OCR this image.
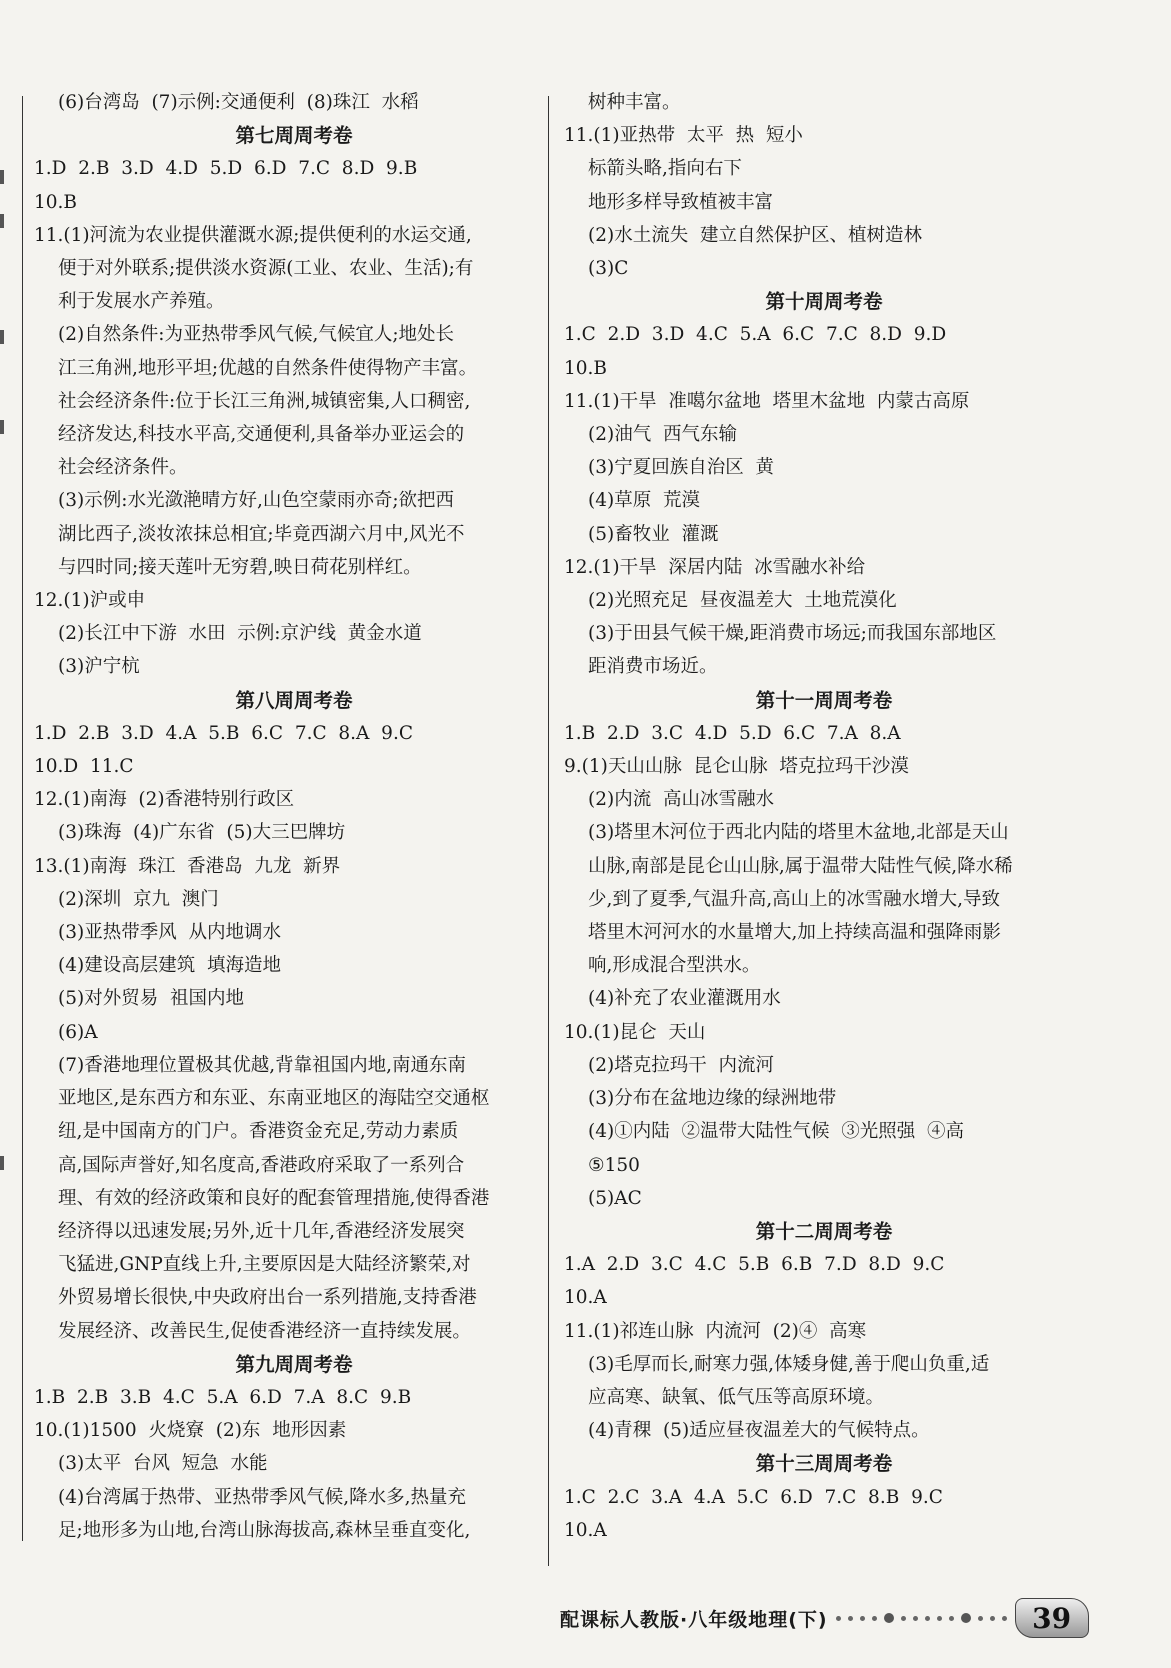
(6)台湾岛  (7)示例:交通便利  (8)珠江  水稻
第七周周考卷
1.D  2.B  3.D  4.D  5.D  6.D  7.C  8.D  9.B
10.B
11.(1)河流为农业提供灌溉水源;提供便利的水运交通,
便于对外联系;提供淡水资源(工业、农业、生活);有
利于发展水产养殖。
(2)自然条件:为亚热带季风气候,气候宜人;地处长
江三角洲,地形平坦;优越的自然条件使得物产丰富。
社会经济条件:位于长江三角洲,城镇密集,人口稠密,
经济发达,科技水平高,交通便利,具备举办亚运会的
社会经济条件。
(3)示例:水光潋滟晴方好,山色空蒙雨亦奇;欲把西
湖比西子,淡妆浓抹总相宜;毕竟西湖六月中,风光不
与四时同;接天莲叶无穷碧,映日荷花别样红。
12.(1)沪或申
(2)长江中下游  水田  示例:京沪线  黄金水道
(3)沪宁杭
第八周周考卷
1.D  2.B  3.D  4.A  5.B  6.C  7.C  8.A  9.C
10.D  11.C
12.(1)南海  (2)香港特别行政区
(3)珠海  (4)广东省  (5)大三巴牌坊
13.(1)南海  珠江  香港岛  九龙  新界
(2)深圳  京九  澳门
(3)亚热带季风  从内地调水
(4)建设高层建筑  填海造地
(5)对外贸易  祖国内地
(6)A
(7)香港地理位置极其优越,背靠祖国内地,南通东南
亚地区,是东西方和东亚、东南亚地区的海陆空交通枢
纽,是中国南方的门户。香港资金充足,劳动力素质
高,国际声誉好,知名度高,香港政府采取了一系列合
理、有效的经济政策和良好的配套管理措施,使得香港
经济得以迅速发展;另外,近十几年,香港经济发展突
飞猛进,GNP直线上升,主要原因是大陆经济繁荣,对
外贸易增长很快,中央政府出台一系列措施,支持香港
发展经济、改善民生,促使香港经济一直持续发展。
第九周周考卷
1.B  2.B  3.B  4.C  5.A  6.D  7.A  8.C  9.B
10.(1)1500  火烧寮  (2)东  地形因素
(3)太平  台风  短急  水能
(4)台湾属于热带、亚热带季风气候,降水多,热量充
足;地形多为山地,台湾山脉海拔高,森林呈垂直变化,
树种丰富。
11.(1)亚热带  太平  热  短小
标箭头略,指向右下
地形多样导致植被丰富
(2)水土流失  建立自然保护区、植树造林
(3)C
第十周周考卷
1.C  2.D  3.D  4.C  5.A  6.C  7.C  8.D  9.D
10.B
11.(1)干旱  准噶尔盆地  塔里木盆地  内蒙古高原
(2)油气  西气东输
(3)宁夏回族自治区  黄
(4)草原  荒漠
(5)畜牧业  灌溉
12.(1)干旱  深居内陆  冰雪融水补给
(2)光照充足  昼夜温差大  土地荒漠化
(3)于田县气候干燥,距消费市场远;而我国东部地区
距消费市场近。
第十一周周考卷
1.B  2.D  3.C  4.D  5.D  6.C  7.A  8.A
9.(1)天山山脉  昆仑山脉  塔克拉玛干沙漠
(2)内流  高山冰雪融水
(3)塔里木河位于西北内陆的塔里木盆地,北部是天山
山脉,南部是昆仑山山脉,属于温带大陆性气候,降水稀
少,到了夏季,气温升高,高山上的冰雪融水增大,导致
塔里木河河水的水量增大,加上持续高温和强降雨影
响,形成混合型洪水。
(4)补充了农业灌溉用水
10.(1)昆仑  天山
(2)塔克拉玛干  内流河
(3)分布在盆地边缘的绿洲地带
(4)①内陆  ②温带大陆性气候  ③光照强  ④高
⑤150
(5)AC
第十二周周考卷
1.A  2.D  3.C  4.C  5.B  6.B  7.D  8.D  9.C
10.A
11.(1)祁连山脉  内流河  (2)④  高寒
(3)毛厚而长,耐寒力强,体矮身健,善于爬山负重,适
应高寒、缺氧、低气压等高原环境。
(4)青稞  (5)适应昼夜温差大的气候特点。
第十三周周考卷
1.C  2.C  3.A  4.A  5.C  6.D  7.C  8.B  9.C
10.A
配课标人教版·八年级地理(下)	39
